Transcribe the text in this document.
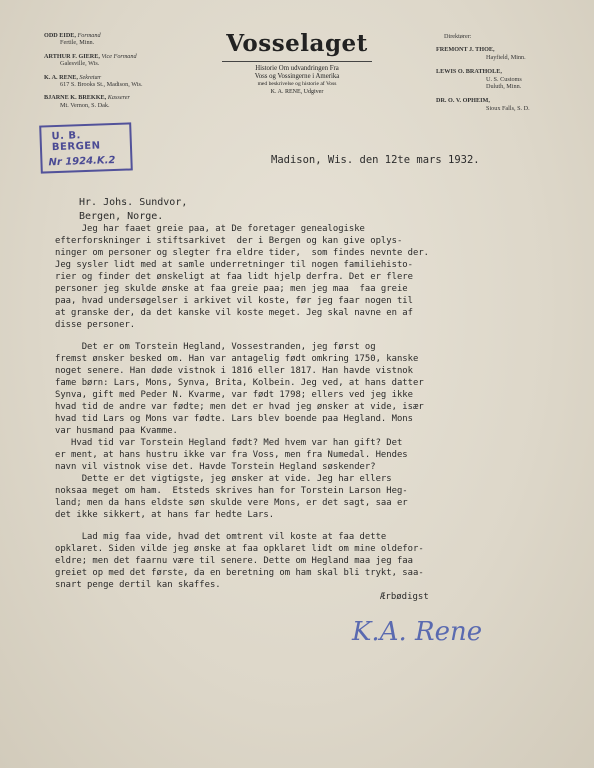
ODD EIDE, Formand
Fertile, Minn.
ARTHUR F. GIERE, Vice Formand
Galesville, Wis.
K. A. RENE, Sekretær
617 S. Brooks St., Madison, Wis.
BJARNE K. BREKKE, Kasserer
Mt. Vernon, S. Dak.
Vosselaget
Historie Om udvandringen Fra
Voss og Vossingerne i Amerika
med beskrivelse og historie af Voss
K. A. RENE, Udgiver
Direktører:
FREMONT J. THOE,
Hayfield, Minn.
LEWIS O. BRATHOLE,
U. S. Customs
Duluth, Minn.
DR. O. V. OPHEIM,
Sioux Falls, S. D.
U. B. BERGEN
Nr 1924.K.2	Madison, Wis. den 12te mars 1932.
Hr. Johs. Sundvor,
Bergen, Norge.
Jeg har faaet greie paa, at De foretager genealogiske
efterforskninger i stiftsarkivet  der i Bergen og kan give oplys-
ninger om personer og slegter fra eldre tider,  som findes nevnte der.
Jeg sysler lidt med at samle underretninger til nogen familiehisto-
rier og finder det ønskeligt at faa lidt hjelp derfra. Det er flere
personer jeg skulde ønske at faa greie paa; men jeg maa  faa greie
paa, hvad undersøgelser i arkivet vil koste, før jeg faar nogen til
at granske der, da det kanske vil koste meget. Jeg skal navne en af
disse personer.
Det er om Torstein Hegland, Vossestranden, jeg først og
fremst ønsker besked om. Han var antagelig født omkring 1750, kanske
noget senere. Han døde vistnok i 1816 eller 1817. Han havde vistnok
fame børn: Lars, Mons, Synva, Brita, Kolbein. Jeg ved, at hans datter
Synva, gift med Peder N. Kvarme, var født 1798; ellers ved jeg ikke
hvad tid de andre var fødte; men det er hvad jeg ønsker at vide, især
hvad tid Lars og Mons var fødte. Lars blev boende paa Hegland. Mons
var husmand paa Kvamme.
Hvad tid var Torstein Hegland født? Med hvem var han gift? Det
er ment, at hans hustru ikke var fra Voss, men fra Numedal. Hendes
navn vil vistnok vise det. Havde Torstein Hegland søskender?
Dette er det vigtigste, jeg ønsker at vide. Jeg har ellers
noksaa meget om ham.  Etsteds skrives han for Torstein Larson Heg-
land; men da hans eldste søn skulde vere Mons, er det sagt, saa er
det ikke sikkert, at hans far hedte Lars.
Lad mig faa vide, hvad det omtrent vil koste at faa dette
opklaret. Siden vilde jeg ønske at faa opklaret lidt om mine oldefor-
eldre; men det faarnu være til senere. Dette om Hegland maa jeg faa
greiet op med det første, da en beretning om ham skal bli trykt, saa-
snart penge dertil kan skaffes.
Ærbødigst
K.A. Rene
